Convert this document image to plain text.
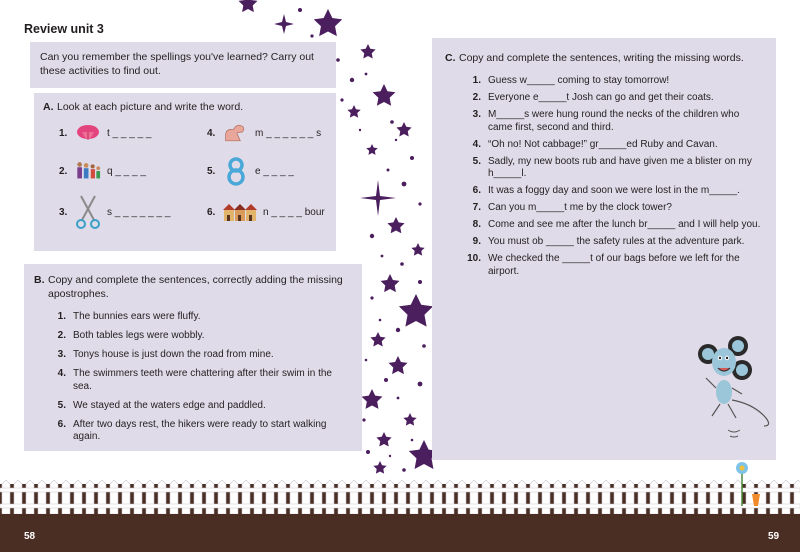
Review unit 3
Can you remember the spellings you've learned? Carry out these activities to find out.
A. Look at each picture and write the word.
1.	t _ _ _ _ _
2.	q _ _ _ _
3.	s _ _ _ _ _ _ _
4.	m _ _ _ _ _ _ s
5.	e _ _ _ _
6.	n _ _ _ _ bour
B. Copy and complete the sentences, correctly adding the missing apostrophes.
1. The bunnies ears were fluffy.
2. Both tables legs were wobbly.
3. Tonys house is just down the road from mine.
4. The swimmers teeth were chattering after their swim in the sea.
5. We stayed at the waters edge and paddled.
6. After two days rest, the hikers were ready to start walking again.
C. Copy and complete the sentences, writing the missing words.
1. Guess w_____ coming to stay tomorrow!
2. Everyone e_____t Josh can go and get their coats.
3. M_____s were hung round the necks of the children who came first, second and third.
4. “Oh no! Not cabbage!” gr_____ed Ruby and Cavan.
5. Sadly, my new boots rub and have given me a blister on my h_____l.
6. It was a foggy day and soon we were lost in the m_____.
7. Can you m_____t me by the clock tower?
8. Come and see me after the lunch br_____ and I will help you.
9. You must ob _____ the safety rules at the adventure park.
10. We checked the _____t of our bags before we left for the airport.
58	59
